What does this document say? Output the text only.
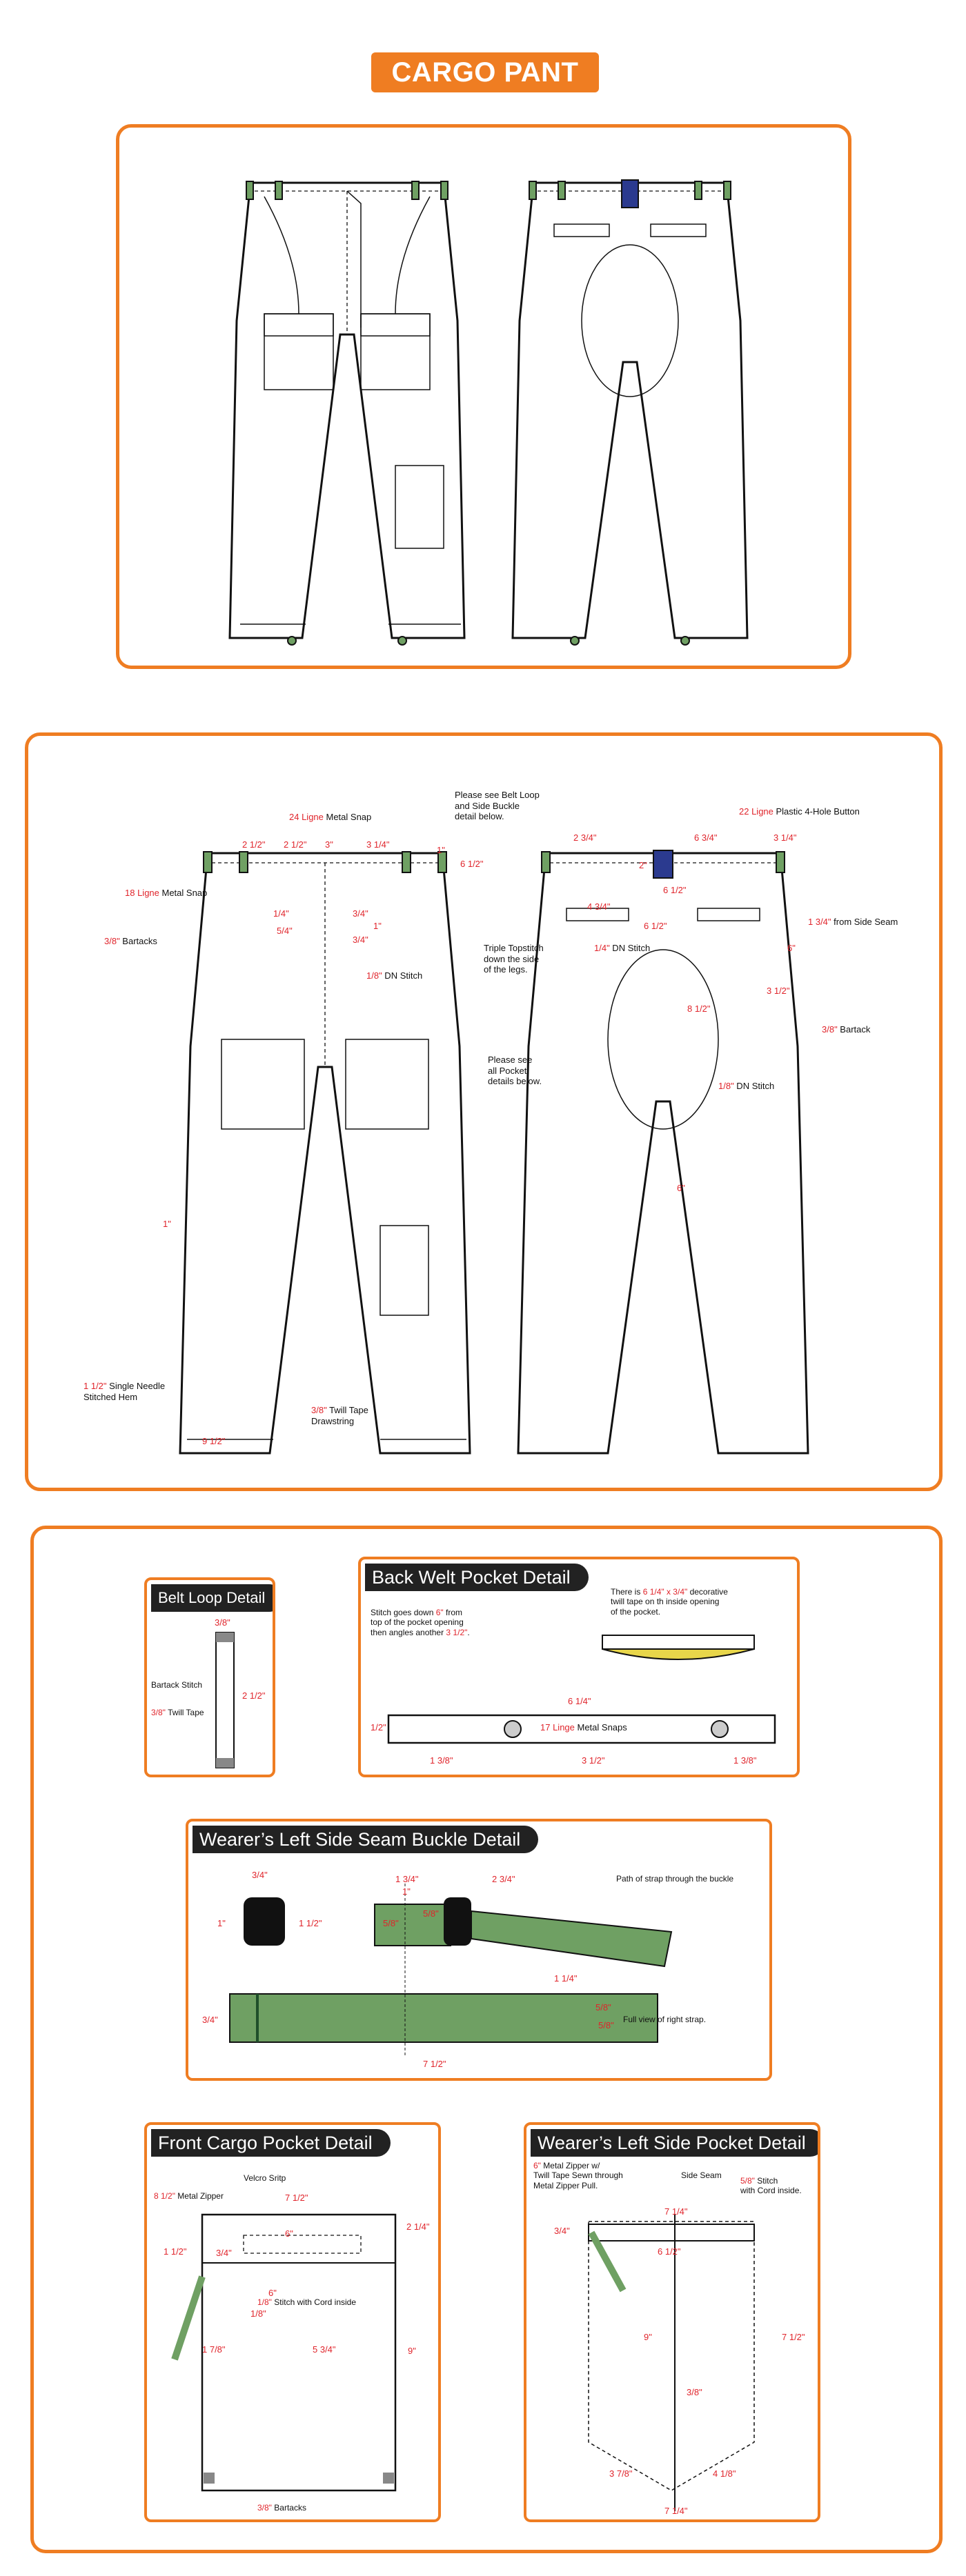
CARGO PANT
24 Ligne Metal Snap
Please see Belt Loop
and Side Buckle
detail below.	22 Ligne Plastic 4-Hole Button
18 Ligne Metal Snap
3/8" Bartacks
1/8" DN Stitch
Triple Topstitch
down the side
of the legs.
1/4" DN Stitch
1 3/4" from Side Seam
3/8" Bartack
Please see
all Pocket
details below.	1/8" DN Stitch
1 1/2" Single Needle
Stitched Hem
3/8" Twill Tape
Drawstring
2 1/2" 2 1/2" 3"	3 1/4"
1"
1/4"	3/4"
3/4"
1"
1"
9 1/2"
6 1/2"
5/4"
2 3/4"	6 3/4"	3 1/4"
2"
6 1/2"
4 3/4"
6 1/2"
8 1/2"
6"
3 1/2"
6"
Belt Loop Detail
Bartack Stitch
3/8" Twill Tape
3/8"
2 1/2"
Back Welt Pocket Detail
Stitch goes down 6" from
top of the pocket opening
then angles another 3 1/2".
There is 6 1/4" x 3/4" decorative
twill tape on th inside opening
of the pocket.
17 Linge Metal Snaps
6 1/4"
1/2"
1 3/8"	3 1/2"	1 3/8"
Wearer’s Left Side Seam Buckle Detail
Path of strap through the buckle
Full view of right strap.
3/4"
1"	1 1/2"
1 3/4"
1"
2 3/4"
5/8"
5/8"
3/4"
5/8"
5/8"
7 1/2"
1 1/4"
Front Cargo Pocket Detail
Velcro Sritp
8 1/2" Metal Zipper
1/8" Stitch with Cord inside
3/8" Bartacks
7 1/2"
6"
3/4"
2 1/4"
1 1/2"
1/8"
1 7/8"	5 3/4"	9"
6"
Wearer’s Left Side Pocket Detail
6" Metal Zipper w/
Twill Tape Sewn through
Metal Zipper Pull.
Side Seam
5/8" Stitch
with Cord inside.
7 1/4"
3/4"
6 1/2"
9"
3/8"
7 1/2"
3 7/8"	4 1/8"
7 1/4"
